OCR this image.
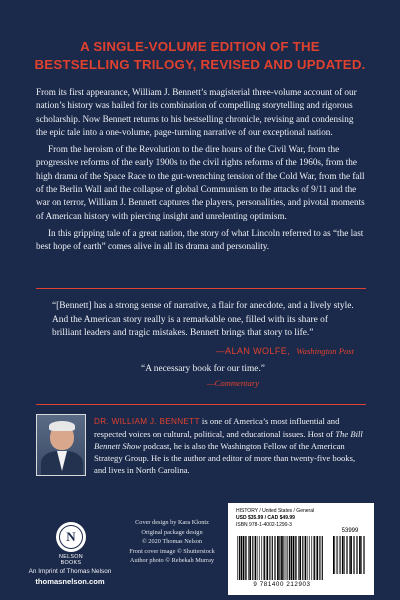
A SINGLE-VOLUME EDITION OF THE
BESTSELLING TRILOGY, REVISED AND UPDATED.

From its first appearance, William J. Bennett’s magisterial three-volume account of our nation’s history was hailed for its combination of compelling storytelling and rigorous scholarship. Now Bennett returns to his bestselling chronicle, revising and condensing the epic tale into a one-volume, page-turning narrative of our exceptional nation.

From the heroism of the Revolution to the dire hours of the Civil War, from the progressive reforms of the early 1900s to the civil rights reforms of the 1960s, from the high drama of the Space Race to the gut-wrenching tension of the Cold War, from the fall of the Berlin Wall and the collapse of global Communism to the attacks of 9/11 and the war on terror, William J. Bennett captures the players, personalities, and pivotal moments of American history with piercing insight and unrelenting optimism.

In this gripping tale of a great nation, the story of what Lincoln referred to as “the last best hope of earth” comes alive in all its drama and personality.

“[Bennett] has a strong sense of narrative, a flair for anecdote, and a lively style. And the American story really is a remarkable one, filled with its share of brilliant leaders and tragic mistakes. Bennett brings that story to life.”
—ALAN WOLFE, Washington Post
“A necessary book for our time.”
—Commentary
DR. WILLIAM J. BENNETT is one of America’s most influential and respected voices on cultural, political, and educational issues. Host of The Bill Bennett Show podcast, he is also the Washington Fellow of the American Strategy Group. He is the author and editor of more than twenty-five books, and lives in North Carolina.
N
NELSON
BOOKS
An Imprint of Thomas Nelson
thomasnelson.com
Cover design by Kara Klontz
Original package design
© 2020 Thomas Nelson
Front cover image © Shutterstock
Author photo © Rebekah Murray
HISTORY / United States / General
USD $35.99 / CAD $49.99
ISBN 978-1-4002-1290-3
53999
9 781400 212903
